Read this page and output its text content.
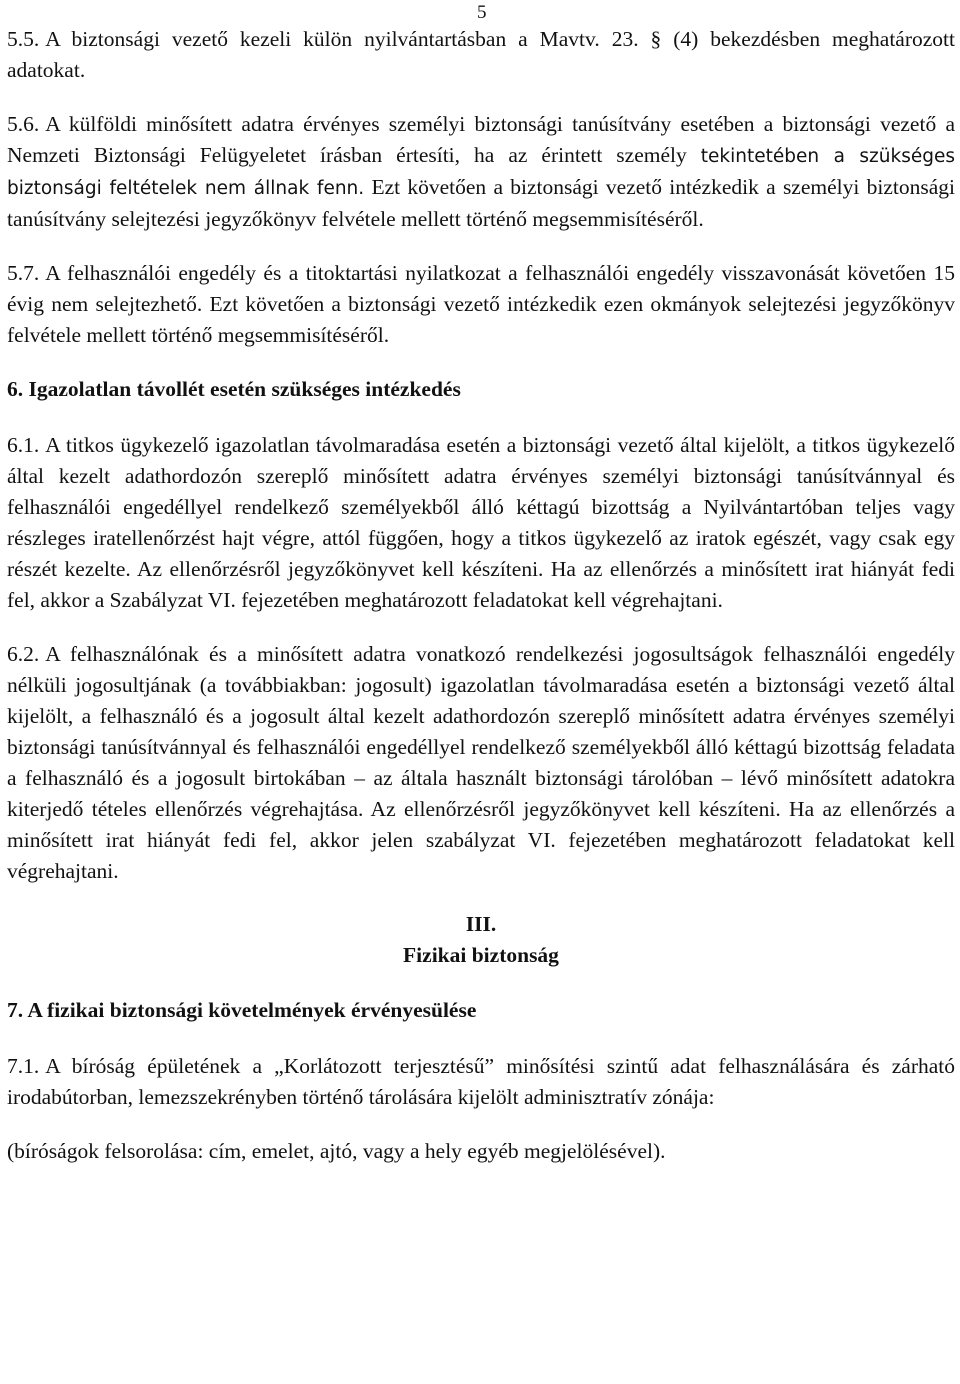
5

5.5. A biztonsági vezető kezeli külön nyilvántartásban a Mavtv. 23. § (4) bekezdésben meghatározott adatokat.

5.6. A külföldi minősített adatra érvényes személyi biztonsági tanúsítvány esetében a biztonsági vezető a Nemzeti Biztonsági Felügyeletet írásban értesíti, ha az érintett személy tekintetében a szükséges biztonsági feltételek nem állnak fenn. Ezt követően a biztonsági vezető intézkedik a személyi biztonsági tanúsítvány selejtezési jegyzőkönyv felvétele mellett történő megsemmisítéséről.

5.7. A felhasználói engedély és a titoktartási nyilatkozat a felhasználói engedély visszavonását követően 15 évig nem selejtezhető. Ezt követően a biztonsági vezető intézkedik ezen okmányok selejtezési jegyzőkönyv felvétele mellett történő megsemmisítéséről.

6. Igazolatlan távollét esetén szükséges intézkedés

6.1. A titkos ügykezelő igazolatlan távolmaradása esetén a biztonsági vezető által kijelölt, a titkos ügykezelő által kezelt adathordozón szereplő minősített adatra érvényes személyi biztonsági tanúsítvánnyal és felhasználói engedéllyel rendelkező személyekből álló kéttagú bizottság a Nyilvántartóban teljes vagy részleges iratellenőrzést hajt végre, attól függően, hogy a titkos ügykezelő az iratok egészét, vagy csak egy részét kezelte. Az ellenőrzésről jegyzőkönyvet kell készíteni. Ha az ellenőrzés a minősített irat hiányát fedi fel, akkor a Szabályzat VI. fejezetében meghatározott feladatokat kell végrehajtani.

6.2. A felhasználónak és a minősített adatra vonatkozó rendelkezési jogosultságok felhasználói engedély nélküli jogosultjának (a továbbiakban: jogosult) igazolatlan távolmaradása esetén a biztonsági vezető által kijelölt, a felhasználó és a jogosult által kezelt adathordozón szereplő minősített adatra érvényes személyi biztonsági tanúsítvánnyal és felhasználói engedéllyel rendelkező személyekből álló kéttagú bizottság feladata a felhasználó és a jogosult birtokában – az általa használt biztonsági tárolóban – lévő minősített adatokra kiterjedő tételes ellenőrzés végrehajtása. Az ellenőrzésről jegyzőkönyvet kell készíteni. Ha az ellenőrzés a minősített irat hiányát fedi fel, akkor jelen szabályzat VI. fejezetében meghatározott feladatokat kell végrehajtani.

III.
Fizikai biztonság
7. A fizikai biztonsági követelmények érvényesülése

7.1. A bíróság épületének a „Korlátozott terjesztésű” minősítési szintű adat felhasználására és zárható irodabútorban, lemezszekrényben történő tárolására kijelölt adminisztratív zónája:

(bíróságok felsorolása: cím, emelet, ajtó, vagy a hely egyéb megjelölésével).
